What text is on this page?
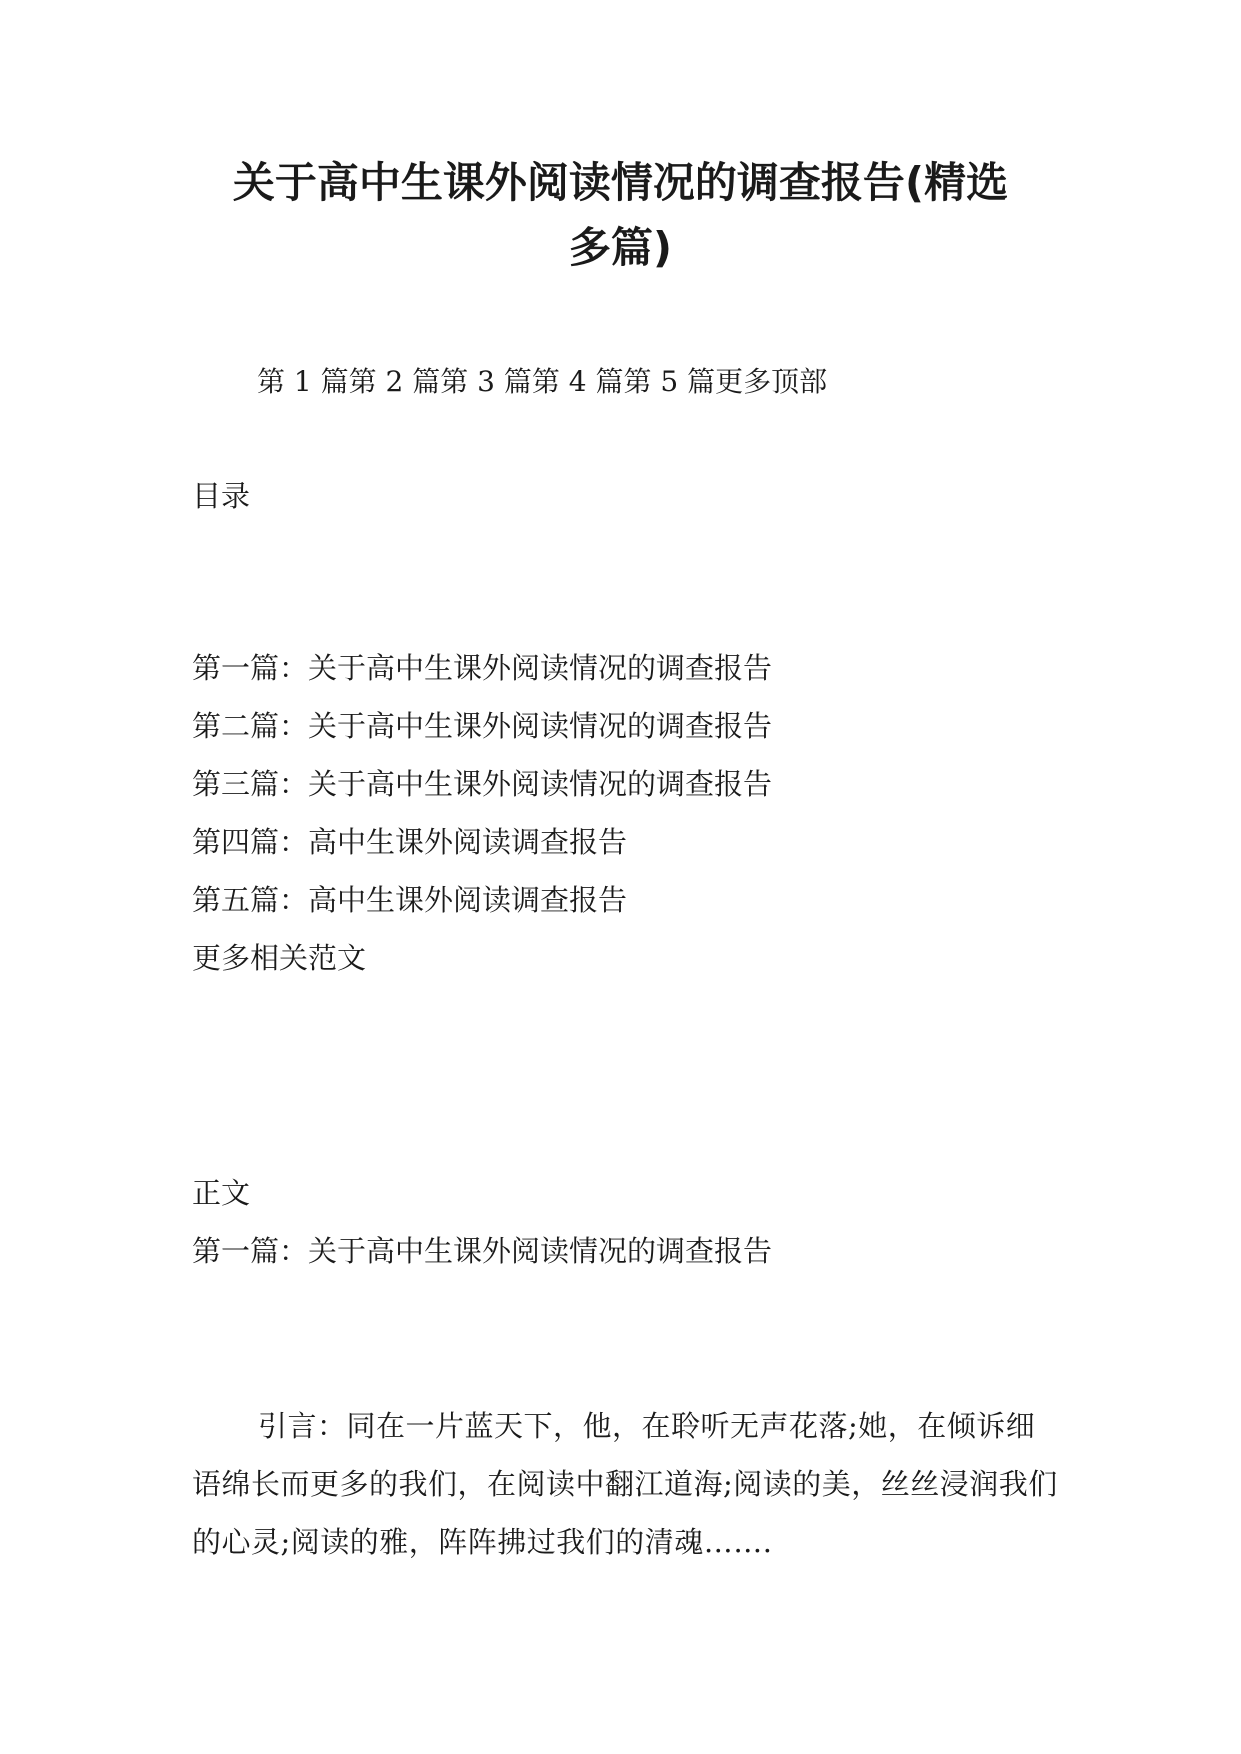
关于高中生课外阅读情况的调查报告(精选
多篇)
第 1 篇第 2 篇第 3 篇第 4 篇第 5 篇更多顶部

目录

第一篇：关于高中生课外阅读情况的调查报告

第二篇：关于高中生课外阅读情况的调查报告

第三篇：关于高中生课外阅读情况的调查报告

第四篇：高中生课外阅读调查报告

第五篇：高中生课外阅读调查报告

更多相关范文

正文

第一篇：关于高中生课外阅读情况的调查报告

引言：同在一片蓝天下，他，在聆听无声花落;她，在倾诉细语绵长而更多的我们，在阅读中翻江道海;阅读的美，丝丝浸润我们的心灵;阅读的雅，阵阵拂过我们的清魂…….
